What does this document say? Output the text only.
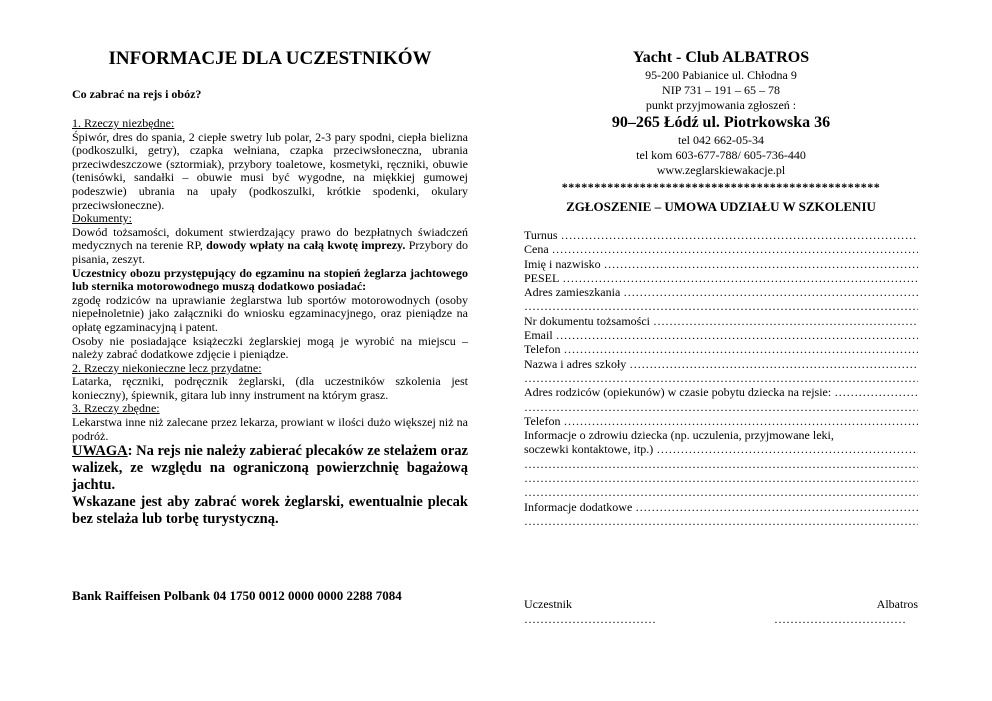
INFORMACJE DLA UCZESTNIKÓW

Co zabrać na rejs i obóz?

1. Rzeczy niezbędne:

Śpiwór, dres do spania, 2 ciepłe swetry lub polar, 2-3 pary spodni, ciepła bielizna (podkoszulki, getry), czapka wełniana, czapka przeciwsłoneczna, ubrania przeciwdeszczowe (sztormiak), przybory toaletowe, kosmetyki, ręczniki, obuwie (tenisówki, sandałki – obuwie musi być wygodne, na miękkiej gumowej podeszwie) ubrania na upały (podkoszulki, krótkie spodenki, okulary przeciwsłoneczne).

Dokumenty:

Dowód tożsamości, dokument stwierdzający prawo do bezpłatnych świadczeń medycznych na terenie RP, dowody wpłaty na całą kwotę imprezy. Przybory do pisania, zeszyt.

Uczestnicy obozu przystępujący do egzaminu na stopień żeglarza jachtowego lub sternika motorowodnego muszą dodatkowo posiadać:

zgodę rodziców na uprawianie żeglarstwa lub sportów motorowodnych (osoby niepełnoletnie) jako załączniki do wniosku egzaminacyjnego, oraz pieniądze na opłatę egzaminacyjną i patent.

Osoby nie posiadające książeczki żeglarskiej mogą je wyrobić na miejscu – należy zabrać dodatkowe zdjęcie i pieniądze.

2. Rzeczy niekonieczne lecz przydatne:

Latarka, ręczniki, podręcznik żeglarski, (dla uczestników szkolenia jest konieczny), śpiewnik, gitara lub inny instrument na którym grasz.

3. Rzeczy zbędne:

Lekarstwa inne niż zalecane przez lekarza, prowiant w ilości dużo większej niż na podróż.

UWAGA: Na rejs nie należy zabierać plecaków ze stelażem oraz walizek, ze względu na ograniczoną powierzchnię bagażową jachtu.

Wskazane jest aby zabrać worek żeglarski, ewentualnie plecak bez stelaża lub torbę turystyczną.

Bank Raiffeisen Polbank 04 1750 0012 0000 0000 2288 7084

Yacht - Club ALBATROS

95-200 Pabianice ul. Chłodna 9

NIP 731 – 191 – 65 – 78

punkt przyjmowania zgłoszeń :

90–265 Łódź ul. Piotrkowska 36

tel 042 662-05-34

tel kom 603-677-788/ 605-736-440

www.zeglarskiewakacje.pl

*************************************************

ZGŁOSZENIE – UMOWA UDZIAŁU W SZKOLENIU
Turnus
…………………………………………………………………………………………………………………………………………………
Cena
…………………………………………………………………………………………………………………………………………………
Imię i nazwisko
…………………………………………………………………………………………………………………………………………………
PESEL
…………………………………………………………………………………………………………………………………………………
Adres zamieszkania
…………………………………………………………………………………………………………………………………………………
…………………………………………………………………………………………………………………………………………………
Nr dokumentu tożsamości
…………………………………………………………………………………………………………………………………………………
Email
…………………………………………………………………………………………………………………………………………………
Telefon
…………………………………………………………………………………………………………………………………………………
Nazwa i adres szkoły
…………………………………………………………………………………………………………………………………………………
…………………………………………………………………………………………………………………………………………………
Adres rodziców (opiekunów) w czasie pobytu dziecka na rejsie:
…………………………………………………………………………………………………………………………………………………
…………………………………………………………………………………………………………………………………………………
Telefon
…………………………………………………………………………………………………………………………………………………
Informacje o zdrowiu dziecka (np. uczulenia, przyjmowane leki,
soczewki kontaktowe, itp.)
…………………………………………………………………………………………………………………………………………………
…………………………………………………………………………………………………………………………………………………
…………………………………………………………………………………………………………………………………………………
…………………………………………………………………………………………………………………………………………………
Informacje dodatkowe
…………………………………………………………………………………………………………………………………………………
…………………………………………………………………………………………………………………………………………………
Uczestnik	Albatros
……………………………	……………………………
